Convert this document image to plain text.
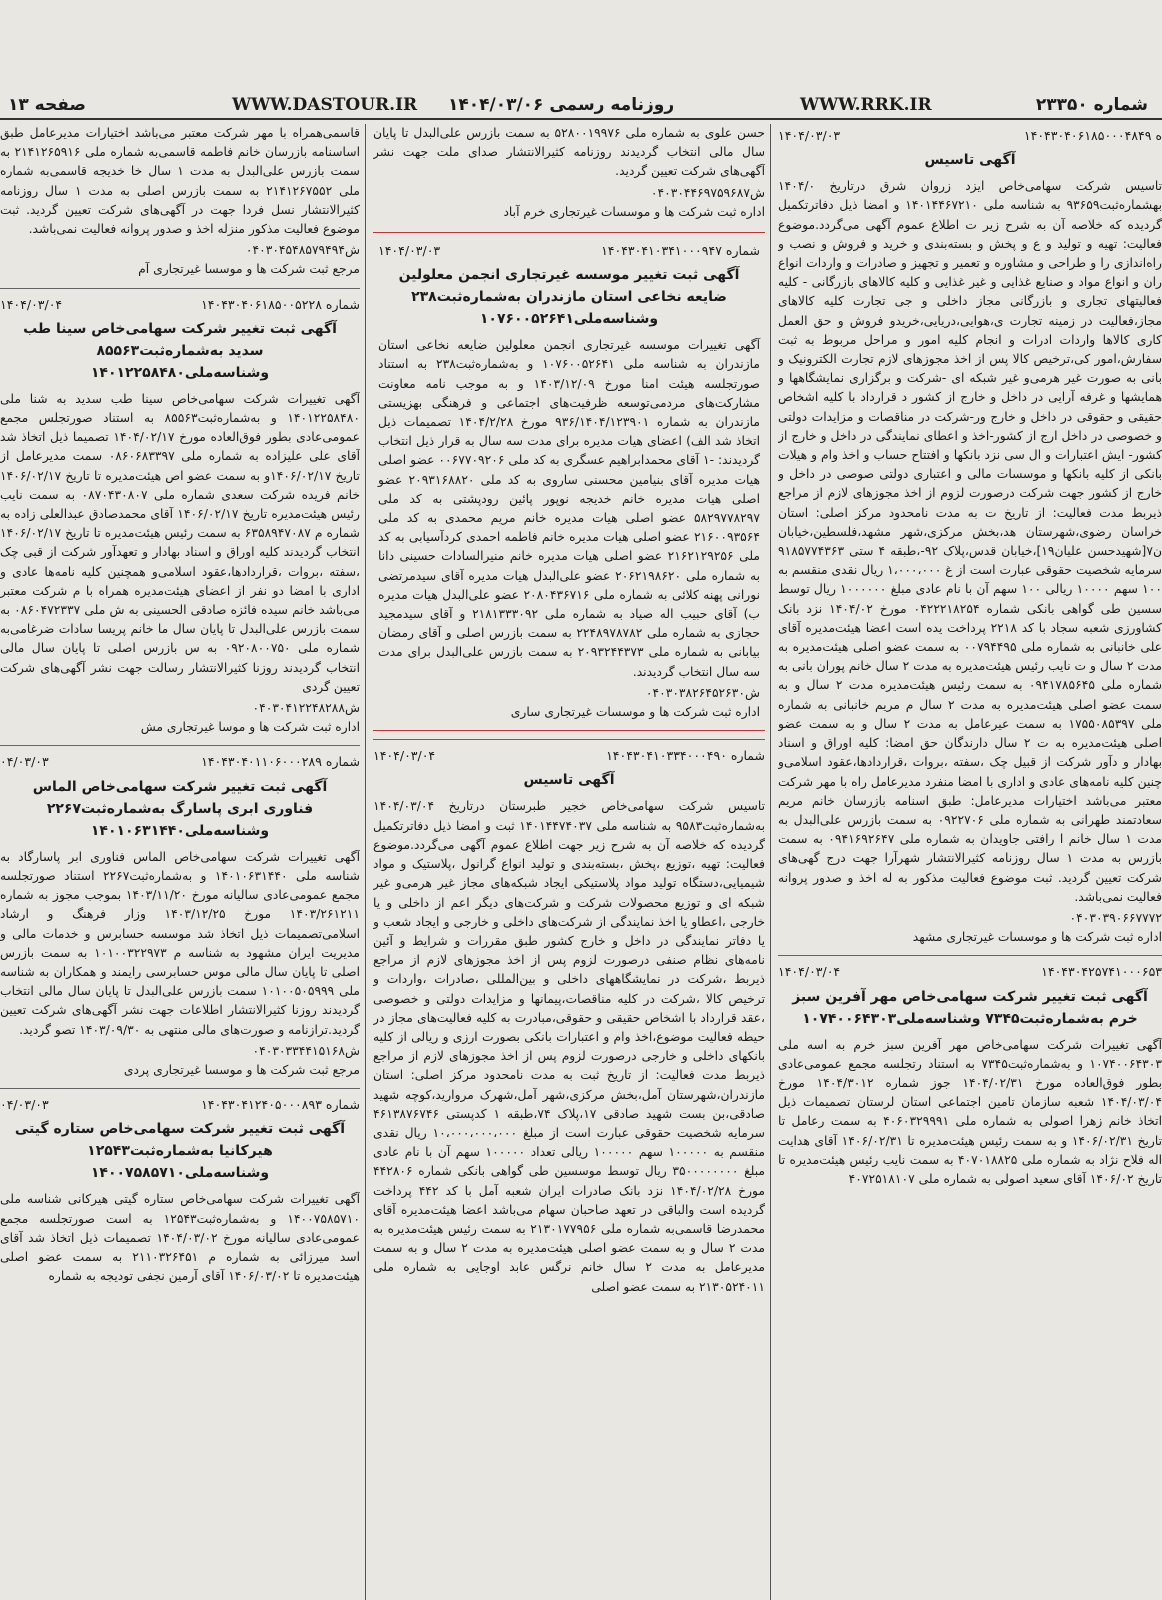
شماره ۲۳۳۵۰
WWW.RRK.IR
روزنامه رسمی ۱۴۰۴/۰۳/۰۶
WWW.DASTOUR.IR
صفحه ۱۳
ه ۱۴۰۴۳۰۴۰۶۱۸۵۰۰۰۴۸۴۹
۱۴۰۴/۰۳/۰۳
آگهی تاسیس

تاسیس شرکت سهامی‌خاص ایزد زروان شرق درتاریخ ۱۴۰۴/۰ بهشماره‌ثبت۹۳۶۵۹ به شناسه ملی ۱۴۰۱۴۴۶۷۲۱۰ و امضا ذیل دفاترتکمیل گردیده که خلاصه آن به شرح زیر ت اطلاع عموم آگهی می‌گردد.موضوع فعالیت: تهیه و تولید و ع و پخش و بسته‌بندی و خرید و فروش و نصب و راه‌اندازی را و طراحی و مشاوره و تعمیر و تجهیز و صادرات و واردات انواع ران و انواع مواد و صنایع غذایی و غیر غذایی و کلیه کالاهای بازرگانی - کلیه فعالیتهای تجاری و بازرگانی مجاز داخلی و جی تجارت کلیه کالاهای مجاز،فعالیت در زمینه تجارت ی،هوایی،دریایی،خریدو فروش و حق العمل کاری کالاها واردات ادرات و انجام کلیه امور و مراحل مربوط به ثبت سفارش،امور کی،ترخیص کالا پس از اخذ مجوزهای لازم تجارت الکترونیک و بانی به صورت غیر هرمی‌و غیر شبکه ای -شرکت و برگزاری نمایشگاهها و همایشها و غرفه آرایی در داخل و خارج از کشور د قرارداد با کلیه اشخاص حقیقی و حقوقی در داخل و خارج ور-شرکت در مناقصات و مزایدات دولتی و خصوصی در داخل ارج از کشور-اخذ و اعطای نمایندگی در داخل و خارج از کشور- ایش اعتبارات و ال سی نزد بانکها و افتتاح حساب و اخذ وام و هیلات بانکی از کلیه بانکها و موسسات مالی و اعتباری دولتی صوصی در داخل و خارج از کشور جهت شرکت درصورت لزوم از اخذ مجوزهای لازم از مراجع ذیربط مدت فعالیت: از تاریخ ت به مدت نامحدود مرکز اصلی: استان خراسان رضوی،شهرستان هد،بخش مرکزی،شهر مشهد،فلسطین،خیابان ن۷[شهیدحسن علیان۱۹]،خیابان قدس،پلاک ۹۲-،طبقه ۴ ستی ۹۱۸۵۷۷۴۳۶۳ سرمایه شخصیت حقوقی عبارت است از غ ۱،۰۰۰،۰۰۰ ریال نقدی منقسم به ۱۰۰ سهم ۱۰۰۰۰ ریالی ۱۰۰ سهم آن با نام عادی مبلغ ۱۰۰۰۰۰۰ ریال توسط سسین طی گواهی بانکی شماره ۰۴۲۲۲۱۸۲۵۴ مورخ ۱۴۰۴/۰۲ نزد بانک کشاورزی شعبه سجاد با کد ۲۲۱۸ پرداخت یده است اعضا هیئت‌مدیره آقای علی خانبانی به شماره ملی ۰۰۷۹۴۴۹۵ به سمت عضو اصلی هیئت‌مدیره به مدت ۲ سال و ت نایب رئیس هیئت‌مدیره به مدت ۲ سال خانم پوران بانی به شماره ملی ۰۹۴۱۷۸۵۶۴۵ به سمت رئیس هیئت‌مدیره مدت ۲ سال و به سمت عضو اصلی هیئت‌مدیره به مدت ۲ سال م مریم خانبانی به شماره ملی ۱۷۵۵۰۸۵۳۹۷ به سمت عیرعامل به مدت ۲ سال و به سمت عضو اصلی هیئت‌مدیره به ت ۲ سال دارندگان حق امضا: کلیه اوراق و اسناد بهادار و دآور شرکت از قبیل چک ،سفته ،بروات ،قراردادها،عقود اسلامی‌و چنین کلیه نامه‌های عادی و اداری با امضا منفرد مدیرعامل راه با مهر شرکت معتبر می‌باشد اختیارات مدیرعامل: طبق اسنامه بازرسان خانم مریم سعادتمند طهرانی به شماره ملی ۰۹۲۲۷۰۶ به سمت بازرس علی‌البدل به مدت ۱ سال خانم ا رافتی جاویدان به شماره ملی ۰۹۴۱۶۹۲۶۴۷ به سمت بازرس به مدت ۱ سال روزنامه کثیرالانتشار شهرآرا جهت درج گهی‌های شرکت تعیین گردید. ثبت موضوع فعالیت مذکور به له اخذ و صدور پروانه فعالیت نمی‌باشد.

۰۴۰۳۰۳۹۰۶۶۷۷۷۲
اداره ثبت شرکت ها و موسسات غیرتجاری مشهد
۱۴۰۴۳۰۴۲۵۷۴۱۰۰۰۶۵۳
۱۴۰۴/۰۳/۰۴
آگهی ثبت تغییر شرکت سهامی‌خاص مهر آفرین سبز خرم به‌شماره‌ثبت۷۳۴۵ وشناسه‌ملی۱۰۷۴۰۰۶۴۳۰۳

آگهی تغییرات شرکت سهامی‌خاص مهر آفرین سبز خرم به اسه ملی ۱۰۷۴۰۰۶۴۳۰۳ و به‌شماره‌ثبت۷۳۴۵ به استناد رتجلسه مجمع عمومی‌عادی بطور فوق‌العاده مورخ ۱۴۰۴/۰۲/۳۱ جوز شماره ۱۴۰۴/۳۰۱۲ مورخ ۱۴۰۴/۰۳/۰۴ شعبه سازمان تامین اجتماعی استان لرستان تصمیمات ذیل اتخاذ خانم زهرا اصولی به شماره ملی ۴۰۶۰۳۲۹۹۹۱ به سمت رعامل تا تاریخ ۱۴۰۶/۰۲/۳۱ و به سمت رئیس هیئت‌مدیره تا ۱۴۰۶/۰۲/۳۱ آقای هدایت اله فلاح نژاد به شماره ملی ۴۰۷۰۱۸۸۲۵ به سمت نایب رئیس هیئت‌مدیره تا تاریخ ۱۴۰۶/۰۲ آقای سعید اصولی به شماره ملی ۴۰۷۲۵۱۸۱۰۷

حسن علوی به شماره ملی ۵۲۸۰۰۱۹۹۷۶ به سمت بازرس علی‌البدل تا پایان سال مالی انتخاب گردیدند روزنامه کثیرالانتشار صدای ملت جهت نشر آگهی‌های شرکت تعیین گردید.

ش۰۴۰۳۰۴۴۶۹۷۵۹۶۸۷
اداره ثبت شرکت ها و موسسات غیرتجاری خرم آباد
شماره ۱۴۰۴۳۰۴۱۰۳۴۱۰۰۰۹۴۷
۱۴۰۴/۰۳/۰۳
آگهی ثبت تغییر موسسه غیرتجاری انجمن معلولین ضایعه نخاعی استان مازندران به‌شماره‌ثبت۲۳۸ وشناسه‌ملی۱۰۷۶۰۰۵۲۶۴۱

آگهی تغییرات موسسه غیرتجاری انجمن معلولین ضایعه نخاعی استان مازندران به شناسه ملی ۱۰۷۶۰۰۵۲۶۴۱ و به‌شماره‌ثبت۲۳۸ به استناد صورتجلسه هیئت امنا مورخ ۱۴۰۳/۱۲/۰۹ و به موجب نامه معاونت مشارکت‌های مردمی‌توسعه ظرفیت‌های اجتماعی و فرهنگی بهزیستی مازندران به شماره ۹۳۶/۱۴۰۴/۱۲۳۹۰۱ مورخ ۱۴۰۴/۲/۲۸ تصمیمات ذیل اتخاذ شد الف) اعضای هیات مدیره برای مدت سه سال به قرار ذیل انتخاب گردیدند: -۱ آقای محمدابراهیم عسگری به کد ملی ۰۰۶۷۷۰۹۲۰۶ عضو اصلی هیات مدیره آقای بنیامین محسنی ساروی به کد ملی ۲۰۹۳۱۶۸۸۲۰ عضو اصلی هیات مدیره خانم خدیجه نوپور پائین رودپشتی به کد ملی ۵۸۲۹۷۷۸۲۹۷ عضو اصلی هیات مدیره خانم مریم محمدی به کد ملی ۲۱۶۰۰۹۳۵۶۴ عضو اصلی هیات مدیره خانم فاطمه احمدی کردآسیابی به کد ملی ۲۱۶۲۱۲۹۲۵۶ عضو اصلی هیات مدیره خانم منیرالسادات حسینی دانا به شماره ملی ۲۰۶۲۱۹۸۶۲۰ عضو علی‌البدل هیات مدیره آقای سیدمرتضی نورانی پهنه کلائی به شماره ملی ۲۰۸۰۴۳۶۷۱۶ عضو علی‌البدل هیات مدیره ب) آقای حبیب اله صیاد به شماره ملی ۲۱۸۱۳۳۳۰۹۲ و آقای سیدمجید حجازی به شماره ملی ۲۲۴۸۹۷۸۷۸۲ به سمت بازرس اصلی و آقای رمضان بیابانی به شماره ملی ۲۰۹۳۲۴۴۳۷۳ به سمت بازرس علی‌البدل برای مدت سه سال انتخاب گردیدند.

ش۰۴۰۳۰۳۸۲۶۴۵۲۶۳۰
اداره ثبت شرکت ها و موسسات غیرتجاری ساری
شماره ۱۴۰۴۳۰۴۱۰۳۳۴۰۰۰۴۹۰
۱۴۰۴/۰۳/۰۴
آگهی تاسیس

تاسیس شرکت سهامی‌خاص خجیر طبرستان درتاریخ ۱۴۰۴/۰۳/۰۴ به‌شماره‌ثبت۹۵۸۳ به شناسه ملی ۱۴۰۱۴۴۷۴۰۳۷ ثبت و امضا ذیل دفاترتکمیل گردیده که خلاصه آن به شرح زیر جهت اطلاع عموم آگهی می‌گردد.موضوع فعالیت: تهیه ،توزیع ،پخش ،بسته‌بندی و تولید انواع گرانول ،پلاستیک و مواد شیمیایی،دستگاه تولید مواد پلاستیکی ایجاد شبکه‌های مجاز غیر هرمی‌و غیر شبکه ای و توزیع محصولات شرکت و شرکت‌های دیگر اعم از داخلی و یا خارجی ،اعطاو یا اخذ نمایندگی از شرکت‌های داخلی و خارجی و ایجاد شعب و یا دفاتر نمایندگی در داخل و خارج کشور طبق مقررات و شرایط و آئین نامه‌های نظام صنفی درصورت لزوم پس از اخذ مجوزهای لازم از مراجع ذیربط ،شرکت در نمایشگاههای داخلی و بین‌المللی ،صادرات ،واردات و ترخیص کالا ،شرکت در کلیه مناقصات،پیمانها و مزایدات دولتی و خصوصی ،عقد قرارداد با اشخاص حقیقی و حقوقی،مبادرت به کلیه فعالیت‌های مجاز در حیطه فعالیت موضوع،اخذ وام و اعتبارات بانکی بصورت ارزی و ریالی از کلیه بانکهای داخلی و خارجی درصورت لزوم پس از اخذ مجوزهای لازم از مراجع ذیربط مدت فعالیت: از تاریخ ثبت به مدت نامحدود مرکز اصلی: استان مازندران،شهرستان آمل،بخش مرکزی،شهر آمل،شهرک مروارید،کوچه شهید صادقی،بن بست شهید صادقی ۱۷،پلاک ۷۴،طبقه ۱ کدپستی ۴۶۱۳۸۷۶۷۴۶ سرمایه شخصیت حقوقی عبارت است از مبلغ ۱۰،۰۰۰،۰۰۰،۰۰۰ ریال نقدی منقسم به ۱۰۰۰۰۰ سهم ۱۰۰۰۰۰ ریالی تعداد ۱۰۰۰۰۰ سهم آن با نام عادی مبلغ ۳۵۰۰۰۰۰۰۰۰ ریال توسط موسسین طی گواهی بانکی شماره ۴۴۲۸۰۶ مورخ ۱۴۰۴/۰۲/۲۸ نزد بانک صادرات ایران شعبه آمل با کد ۴۴۲ پرداخت گردیده است والباقی در تعهد صاحبان سهام می‌باشد اعضا هیئت‌مدیره آقای محمدرضا قاسمی‌به شماره ملی ۲۱۳۰۱۷۷۹۵۶ به سمت رئیس هیئت‌مدیره به مدت ۲ سال و به سمت عضو اصلی هیئت‌مدیره به مدت ۲ سال و به سمت مدیرعامل به مدت ۲ سال خانم نرگس عابد اوجایی به شماره ملی ۲۱۳۰۵۲۴۰۱۱ به سمت عضو اصلی

قاسمی‌همراه با مهر شرکت معتبر می‌باشد اختیارات مدیرعامل طبق اساسنامه بازرسان خانم فاطمه قاسمی‌به شماره ملی ۲۱۴۱۲۶۵۹۱۶ به سمت بازرس علی‌البدل به مدت ۱ سال خا خدیجه قاسمی‌به شماره ملی ۲۱۴۱۲۶۷۵۵۲ به سمت بازرس اصلی به مدت ۱ سال روزنامه کثیرالانتشار نسل فردا جهت در آگهی‌های شرکت تعیین گردید. ثبت موضوع فعالیت مذکور منزله اخذ و صدور پروانه فعالیت نمی‌باشد.

ش۰۴۰۳۰۴۵۴۸۵۷۹۴۹۴
مرجع ثبت شرکت ها و موسسا غیرتجاری آم
شماره ۱۴۰۴۳۰۴۰۶۱۸۵۰۰۵۲۲۸
۱۴۰۴/۰۳/۰۴
آگهی ثبت تغییر شرکت سهامی‌خاص سینا طب سدید به‌شماره‌ثبت۸۵۵۶۳ وشناسه‌ملی۱۴۰۱۲۲۵۸۴۸۰

آگهی تغییرات شرکت سهامی‌خاص سینا طب سدید به شنا ملی ۱۴۰۱۲۲۵۸۴۸۰ و به‌شماره‌ثبت۸۵۵۶۳ به استناد صورتجلس مجمع عمومی‌عادی بطور فوق‌العاده مورخ ۱۴۰۴/۰۲/۱۷ تصمیما ذیل اتخاذ شد آقای علی علیزاده به شماره ملی ۰۸۶۰۶۸۳۳۹۷ سمت مدیرعامل از تاریخ ۱۴۰۶/۰۲/۱۷و به سمت عضو اص هیئت‌مدیره تا تاریخ ۱۴۰۶/۰۲/۱۷ خانم فریده شرکت سعدی شماره ملی ۰۸۷۰۴۳۰۸۰۷ به سمت نایب رئیس هیئت‌مدیره تاریخ ۱۴۰۶/۰۲/۱۷ آقای محمدصادق عبدالعلی زاده به شماره م ۶۳۵۸۹۴۷۰۸۷ به سمت رئیس هیئت‌مدیره تا تاریخ ۱۴۰۶/۰۲/۱۷ انتخاب گردیدند کلیه اوراق و اسناد بهادار و تعهدآور شرکت از قبی چک ،سفته ،بروات ،قراردادها،عقود اسلامی‌و همچنین کلیه نامه‌ها عادی و اداری با امضا دو نفر از اعضای هیئت‌مدیره همراه با م شرکت معتبر می‌باشد خانم سیده فائزه صادقی الحسینی به ش ملی ۰۸۶۰۴۷۲۳۳۷ به سمت بازرس علی‌البدل تا پایان سال ما خانم پریسا سادات ضرغامی‌به شماره ملی ۰۹۲۰۸۰۰۷۵۰ به س بازرس اصلی تا پایان سال مالی انتخاب گردیدند روزنا کثیرالانتشار رسالت جهت نشر آگهی‌های شرکت تعیین گردی

ش۰۴۰۳۰۴۱۲۲۴۸۲۸۸
اداره ثبت شرکت ها و موسا غیرتجاری مش
شماره ۱۴۰۴۳۰۴۰۱۱۰۶۰۰۰۲۸۹
۰۴/۰۳/۰۳
آگهی ثبت تغییر شرکت سهامی‌خاص الماس فناوری ابری پاسارگ به‌شماره‌ثبت۲۲۶۷ وشناسه‌ملی۱۴۰۱۰۶۳۱۴۴۰

آگهی تغییرات شرکت سهامی‌خاص الماس فناوری ابر پاسارگاد به شناسه ملی ۱۴۰۱۰۶۳۱۴۴۰ و به‌شماره‌ثبت۲۲۶۷ استناد صورتجلسه مجمع عمومی‌عادی سالیانه مورخ ۱۴۰۳/۱۱/۲۰ بموجب مجوز به شماره ۱۴۰۳/۲۶۱۲۱۱ مورخ ۱۴۰۳/۱۲/۲۵ وزار فرهنگ و ارشاد اسلامی‌تصمیمات ذیل اتخاذ شد موسسه حسابرس و خدمات مالی و مدیریت ایران مشهود به شناسه م ۱۰۱۰۰۳۲۲۹۷۳ به سمت بازرس اصلی تا پایان سال مالی موس حسابرسی رایمند و همکاران به شناسه ملی ۱۰۱۰۰۵۰۵۹۹۹ سمت بازرس علی‌البدل تا پایان سال مالی انتخاب گردیدند روزنا کثیرالانتشار اطلاعات جهت نشر آگهی‌های شرکت تعیین گردید.ترازنامه و صورت‌های مالی منتهی به ۱۴۰۳/۰۹/۳۰ تصو گردید.

ش۰۴۰۳۰۳۳۴۴۱۵۱۶۸
مرجع ثبت شرکت ها و موسسا غیرتجاری پردی
شماره ۱۴۰۴۳۰۴۱۲۴۰۵۰۰۰۸۹۳
۰۴/۰۳/۰۳
آگهی ثبت تغییر شرکت سهامی‌خاص ستاره گیتی هیرکانیا به‌شماره‌ثبت۱۲۵۴۳ وشناسه‌ملی۱۴۰۰۷۵۸۵۷۱۰

آگهی تغییرات شرکت سهامی‌خاص ستاره گیتی هیرکانی شناسه ملی ۱۴۰۰۷۵۸۵۷۱۰ و به‌شماره‌ثبت۱۲۵۴۳ به است صورتجلسه مجمع عمومی‌عادی سالیانه مورخ ۱۴۰۴/۰۳/۰۲ تصمیمات ذیل اتخاذ شد آقای اسد میرزائی به شماره م ۲۱۱۰۳۲۶۴۵۱ به سمت عضو اصلی هیئت‌مدیره تا ۱۴۰۶/۰۳/۰۲ آقای آرمین نجفی تودیجه به شماره
